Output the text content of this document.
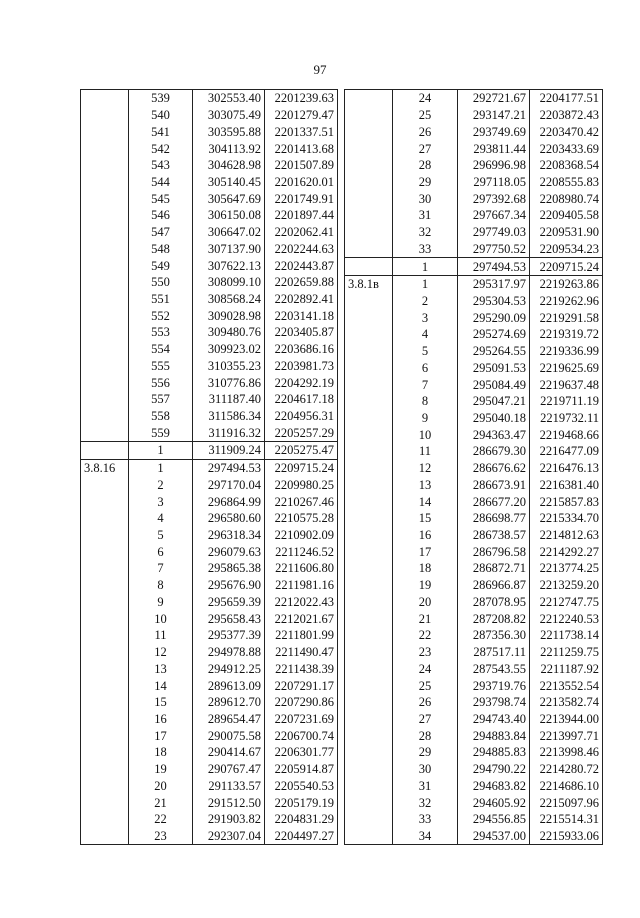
97
	539	302553.40	2201239.63
	540	303075.49	2201279.47
	541	303595.88	2201337.51
	542	304113.92	2201413.68
	543	304628.98	2201507.89
	544	305140.45	2201620.01
	545	305647.69	2201749.91
	546	306150.08	2201897.44
	547	306647.02	2202062.41
	548	307137.90	2202244.63
	549	307622.13	2202443.87
	550	308099.10	2202659.88
	551	308568.24	2202892.41
	552	309028.98	2203141.18
	553	309480.76	2203405.87
	554	309923.02	2203686.16
	555	310355.23	2203981.73
	556	310776.86	2204292.19
	557	311187.40	2204617.18
	558	311586.34	2204956.31
	559	311916.32	2205257.29
	1	311909.24	2205275.47
3.8.16	1	297494.53	2209715.24
	2	297170.04	2209980.25
	3	296864.99	2210267.46
	4	296580.60	2210575.28
	5	296318.34	2210902.09
	6	296079.63	2211246.52
	7	295865.38	2211606.80
	8	295676.90	2211981.16
	9	295659.39	2212022.43
	10	295658.43	2212021.67
	11	295377.39	2211801.99
	12	294978.88	2211490.47
	13	294912.25	2211438.39
	14	289613.09	2207291.17
	15	289612.70	2207290.86
	16	289654.47	2207231.69
	17	290075.58	2206700.74
	18	290414.67	2206301.77
	19	290767.47	2205914.87
	20	291133.57	2205540.53
	21	291512.50	2205179.19
	22	291903.82	2204831.29
	23	292307.04	2204497.27
	24	292721.67	2204177.51
	25	293147.21	2203872.43
	26	293749.69	2203470.42
	27	293811.44	2203433.69
	28	296996.98	2208368.54
	29	297118.05	2208555.83
	30	297392.68	2208980.74
	31	297667.34	2209405.58
	32	297749.03	2209531.90
	33	297750.52	2209534.23
	1	297494.53	2209715.24
3.8.1в	1	295317.97	2219263.86
	2	295304.53	2219262.96
	3	295290.09	2219291.58
	4	295274.69	2219319.72
	5	295264.55	2219336.99
	6	295091.53	2219625.69
	7	295084.49	2219637.48
	8	295047.21	2219711.19
	9	295040.18	2219732.11
	10	294363.47	2219468.66
	11	286679.30	2216477.09
	12	286676.62	2216476.13
	13	286673.91	2216381.40
	14	286677.20	2215857.83
	15	286698.77	2215334.70
	16	286738.57	2214812.63
	17	286796.58	2214292.27
	18	286872.71	2213774.25
	19	286966.87	2213259.20
	20	287078.95	2212747.75
	21	287208.82	2212240.53
	22	287356.30	2211738.14
	23	287517.11	2211259.75
	24	287543.55	2211187.92
	25	293719.76	2213552.54
	26	293798.74	2213582.74
	27	294743.40	2213944.00
	28	294883.84	2213997.71
	29	294885.83	2213998.46
	30	294790.22	2214280.72
	31	294683.82	2214686.10
	32	294605.92	2215097.96
	33	294556.85	2215514.31
	34	294537.00	2215933.06
